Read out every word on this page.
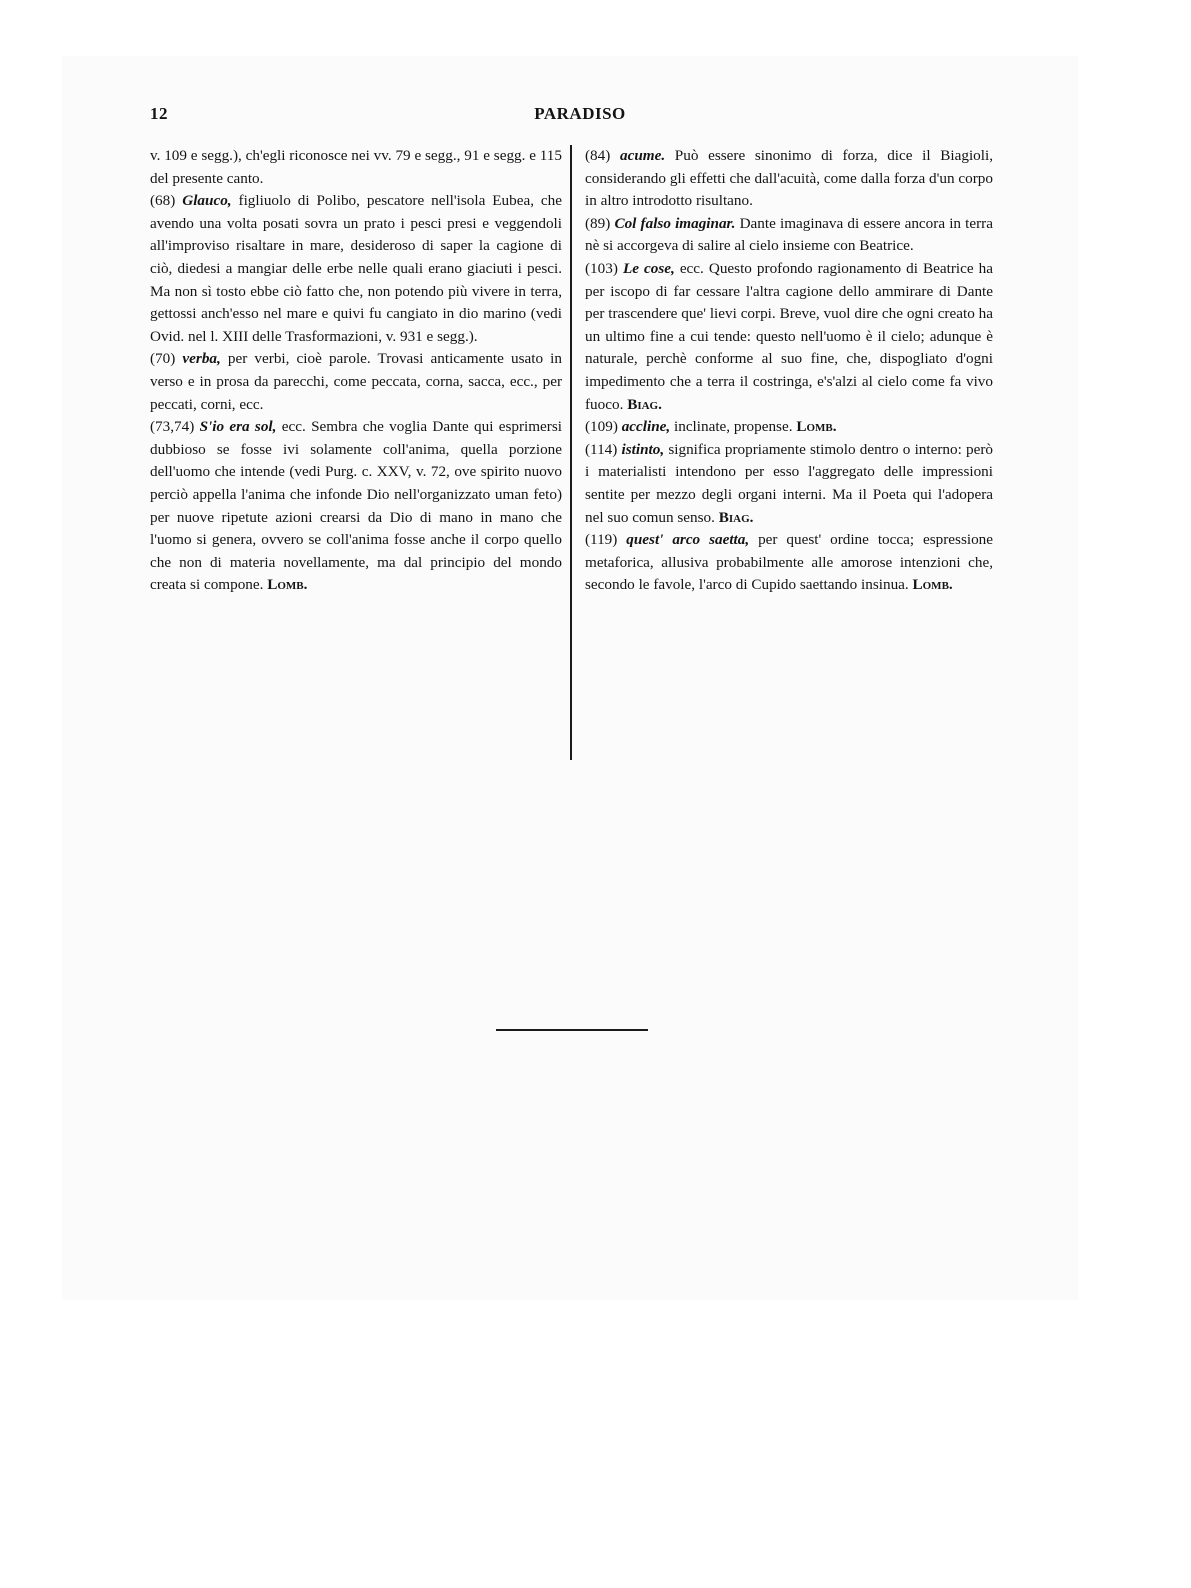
12	PARADISO

v. 109 e segg.), ch'egli riconosce nei vv. 79 e segg., 91 e segg. e 115 del presente canto.

(68) Glauco, figliuolo di Polibo, pescatore nell'isola Eubea, che avendo una volta posati sovra un prato i pesci presi e veggendoli all'improviso risaltare in mare, desideroso di saper la cagione di ciò, diedesi a mangiar delle erbe nelle quali erano giaciuti i pesci. Ma non sì tosto ebbe ciò fatto che, non potendo più vivere in terra, gettossi anch'esso nel mare e quivi fu cangiato in dio marino (vedi Ovid. nel l. XIII delle Trasformazioni, v. 931 e segg.).

(70) verba, per verbi, cioè parole. Trovasi anticamente usato in verso e in prosa da parecchi, come peccata, corna, sacca, ecc., per peccati, corni, ecc.

(73,74) S'io era sol, ecc. Sembra che voglia Dante qui esprimersi dubbioso se fosse ivi solamente coll'anima, quella porzione dell'uomo che intende (vedi Purg. c. XXV, v. 72, ove spirito nuovo perciò appella l'anima che infonde Dio nell'organizzato uman feto) per nuove ripetute azioni crearsi da Dio di mano in mano che l'uomo si genera, ovvero se coll'anima fosse anche il corpo quello che non di materia novellamente, ma dal principio del mondo creata si compone. Lomb.

(84) acume. Può essere sinonimo di forza, dice il Biagioli, considerando gli effetti che dall'acuità, come dalla forza d'un corpo in altro introdotto risultano.

(89) Col falso imaginar. Dante imaginava di essere ancora in terra nè si accorgeva di salire al cielo insieme con Beatrice.

(103) Le cose, ecc. Questo profondo ragionamento di Beatrice ha per iscopo di far cessare l'altra cagione dello ammirare di Dante per trascendere que' lievi corpi. Breve, vuol dire che ogni creato ha un ultimo fine a cui tende: questo nell'uomo è il cielo; adunque è naturale, perchè conforme al suo fine, che, dispogliato d'ogni impedimento che a terra il costringa, e's'alzi al cielo come fa vivo fuoco. Biag.

(109) accline, inclinate, propense. Lomb.

(114) istinto, significa propriamente stimolo dentro o interno: però i materialisti intendono per esso l'aggregato delle impressioni sentite per mezzo degli organi interni. Ma il Poeta qui l'adopera nel suo comun senso. Biag.

(119) quest' arco saetta, per quest' ordine tocca; espressione metaforica, allusiva probabilmente alle amorose intenzioni che, secondo le favole, l'arco di Cupido saettando insinua. Lomb.
